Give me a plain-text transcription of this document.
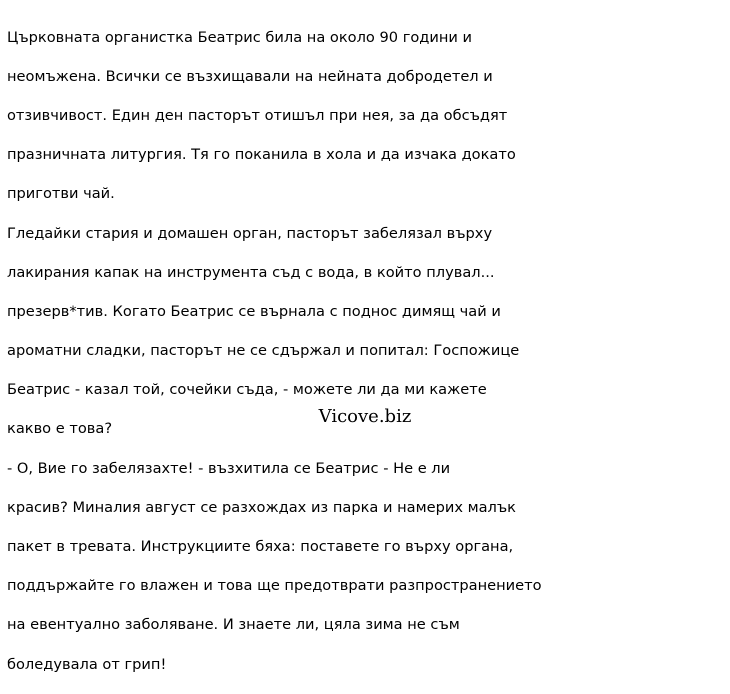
Църковната органистка Беатрис била на около 90 години и

неомъжена. Всички се възхищавали на нейната добродетел и

отзивчивост. Един ден пасторът отишъл при нея, за да обсъдят

празничната литургия. Тя го поканила в хола и да изчака докато

приготви чай.

Гледайки стария и домашен орган, пасторът забелязал върху

лакирания капак на инструмента съд с вода, в който плувал...

презерв*тив. Когато Беатрис се върнала с поднос димящ чай и

ароматни сладки, пасторът не се сдържал и попитал: Госпожице

Беатрис - казал той, сочейки съда, - можете ли да ми кажете

какво е това?

- О, Вие го забелязахте! - възхитила се Беатрис - Не е ли

красив? Миналия август се разхождах из парка и намерих малък

пакет в тревата. Инструкциите бяха: поставете го върху органа,

поддържайте го влажен и това ще предотврати разпространението

на евентуално заболяване. И знаете ли, цяла зима не съм

боледувала от грип!

Vicove.biz
